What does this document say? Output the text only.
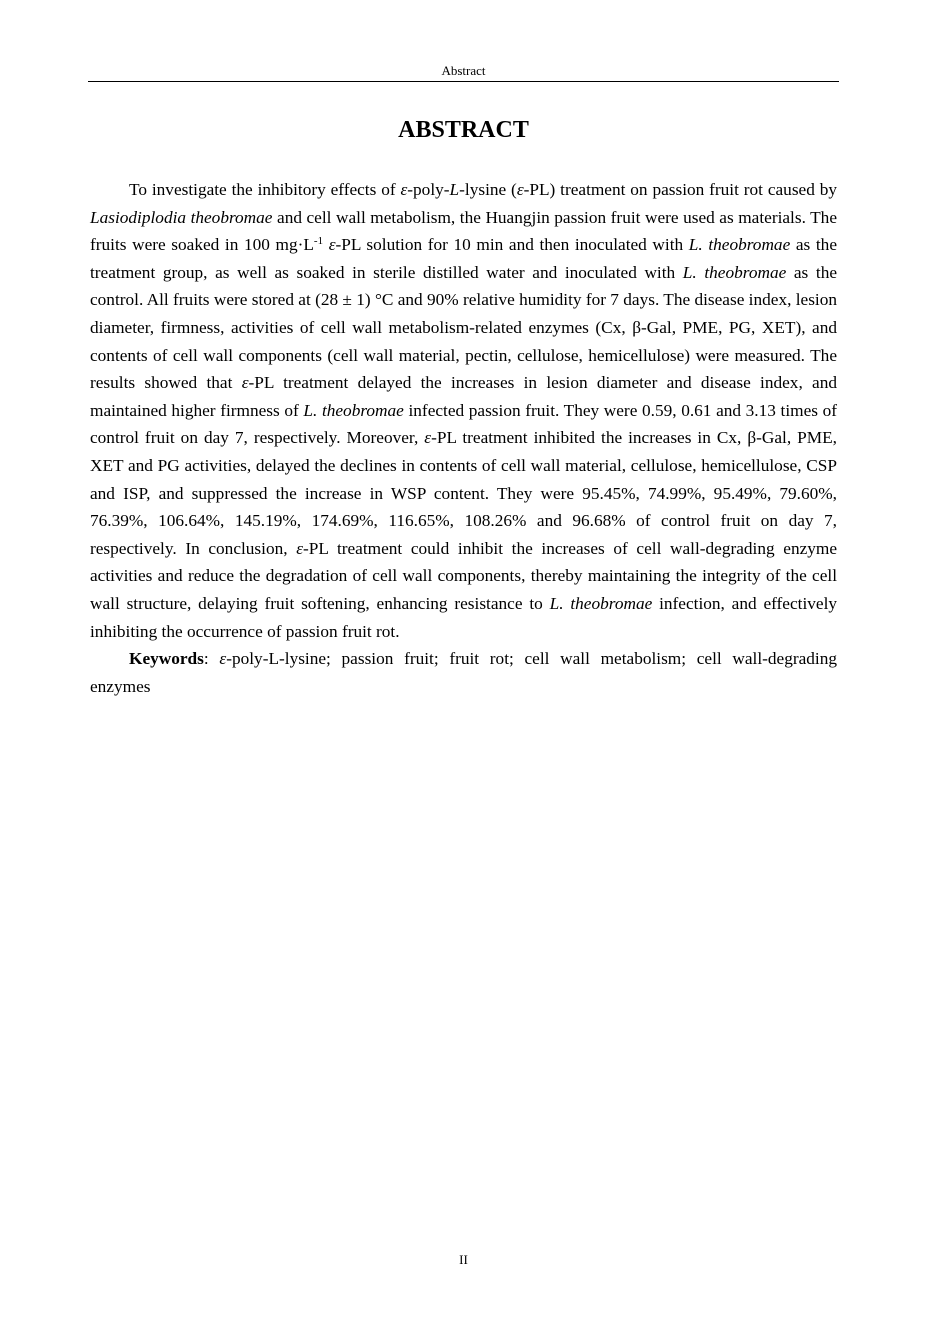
Abstract
ABSTRACT

To investigate the inhibitory effects of ε-poly-L-lysine (ε-PL) treatment on passion fruit rot caused by Lasiodiplodia theobromae and cell wall metabolism, the Huangjin passion fruit were used as materials. The fruits were soaked in 100 $mg\cdot L^{-1}$ ε-PL solution for 10 min and then inoculated with L. theobromae as the treatment group, as well as soaked in sterile distilled water and inoculated with L. theobromae as the control. All fruits were stored at (28 ± 1) °C and 90% relative humidity for 7 days. The disease index, lesion diameter, firmness, activities of cell wall metabolism-related enzymes (Cx, β-Gal, PME, PG, XET), and contents of cell wall components (cell wall material, pectin, cellulose, hemicellulose) were measured. The results showed that ε-PL treatment delayed the increases in lesion diameter and disease index, and maintained higher firmness of L. theobromae infected passion fruit. They were 0.59, 0.61 and 3.13 times of control fruit on day 7, respectively. Moreover, ε-PL treatment inhibited the increases in Cx, β-Gal, PME, XET and PG activities, delayed the declines in contents of cell wall material, cellulose, hemicellulose, CSP and ISP, and suppressed the increase in WSP content. They were 95.45%, 74.99%, 95.49%, 79.60%, 76.39%, 106.64%, 145.19%, 174.69%, 116.65%, 108.26% and 96.68% of control fruit on day 7, respectively. In conclusion, ε-PL treatment could inhibit the increases of cell wall-degrading enzyme activities and reduce the degradation of cell wall components, thereby maintaining the integrity of the cell wall structure, delaying fruit softening, enhancing resistance to L. theobromae infection, and effectively inhibiting the occurrence of passion fruit rot.

Keywords: ε-poly-L-lysine; passion fruit; fruit rot; cell wall metabolism; cell wall-degrading enzymes

II
